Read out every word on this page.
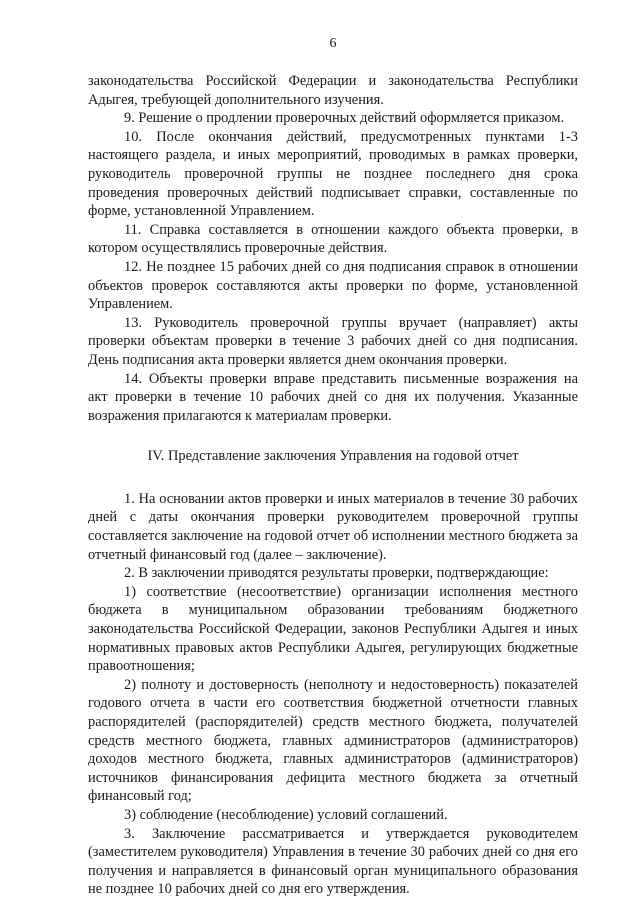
6

законодательства Российской Федерации и законодательства Республики Адыгея, требующей дополнительного изучения.

9. Решение о продлении проверочных действий оформляется приказом.

10. После окончания действий, предусмотренных пунктами 1-3 настоящего раздела, и иных мероприятий, проводимых в рамках проверки, руководитель проверочной группы не позднее последнего дня срока проведения проверочных действий подписывает справки, составленные по форме, установленной Управлением.

11. Справка составляется в отношении каждого объекта проверки, в котором осуществлялись проверочные действия.

12. Не позднее 15 рабочих дней со дня подписания справок в отношении объектов проверок составляются акты проверки по форме, установленной Управлением.

13. Руководитель проверочной группы вручает (направляет) акты проверки объектам проверки в течение 3 рабочих дней со дня подписания. День подписания акта проверки является днем окончания проверки.

14. Объекты проверки вправе представить письменные возражения на акт проверки в течение 10 рабочих дней со дня их получения. Указанные возражения прилагаются к материалам проверки.

IV. Представление заключения Управления на годовой отчет

1. На основании актов проверки и иных материалов в течение 30 рабочих дней с даты окончания проверки руководителем проверочной группы составляется заключение на годовой отчет об исполнении местного бюджета за отчетный финансовый год (далее – заключение).

2. В заключении приводятся результаты проверки, подтверждающие:

1) соответствие (несоответствие) организации исполнения местного бюджета в муниципальном образовании требованиям бюджетного законодательства Российской Федерации, законов Республики Адыгея и иных нормативных правовых актов Республики Адыгея, регулирующих бюджетные правоотношения;

2) полноту и достоверность (неполноту и недостоверность) показателей годового отчета в части его соответствия бюджетной отчетности главных распорядителей (распорядителей) средств местного бюджета, получателей средств местного бюджета, главных администраторов (администраторов) доходов местного бюджета, главных администраторов (администраторов) источников финансирования дефицита местного бюджета за отчетный финансовый год;

3) соблюдение (несоблюдение) условий соглашений.

3. Заключение рассматривается и утверждается руководителем (заместителем руководителя) Управления в течение 30 рабочих дней со дня его получения и направляется в финансовый орган муниципального образования не позднее 10 рабочих дней со дня его утверждения.
